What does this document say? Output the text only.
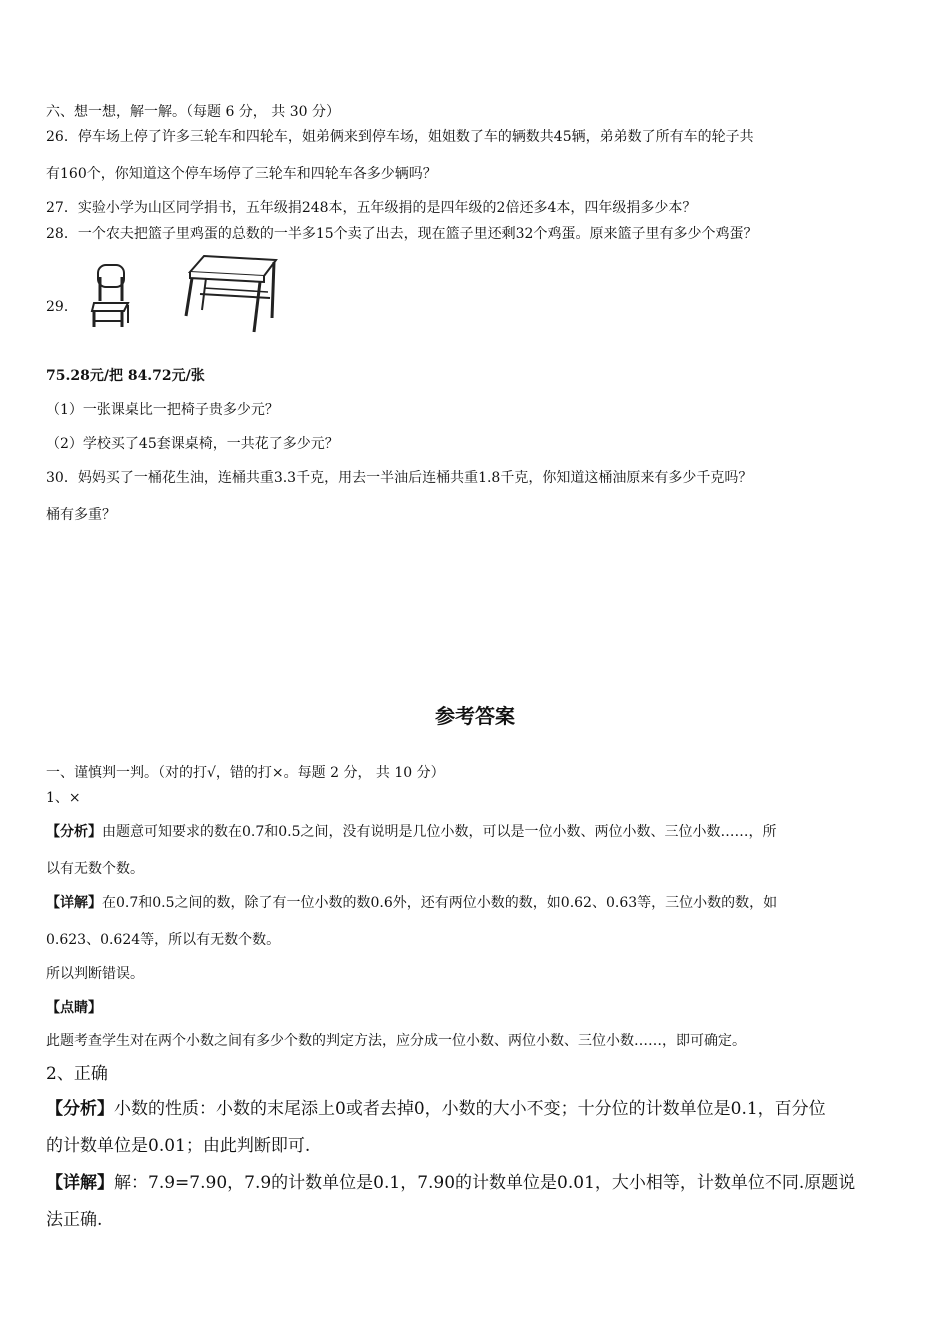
六、想一想，解一解。（每题 6 分， 共 30 分）
26．停车场上停了许多三轮车和四轮车，姐弟俩来到停车场，姐姐数了车的辆数共45辆，弟弟数了所有车的轮子共
有160个，你知道这个停车场停了三轮车和四轮车各多少辆吗？
27．实验小学为山区同学捐书，五年级捐248本，五年级捐的是四年级的2倍还多4本，四年级捐多少本？
28．一个农夫把篮子里鸡蛋的总数的一半多15个卖了出去，现在篮子里还剩32个鸡蛋。原来篮子里有多少个鸡蛋？
29．
75.28元/把 84.72元/张
（1）一张课桌比一把椅子贵多少元？
（2）学校买了45套课桌椅，一共花了多少元？
30．妈妈买了一桶花生油，连桶共重3.3千克，用去一半油后连桶共重1.8千克，你知道这桶油原来有多少千克吗？
桶有多重？
参考答案
一、谨慎判一判。（对的打√，错的打×。每题 2 分， 共 10 分）
1、×
【分析】由题意可知要求的数在0.7和0.5之间，没有说明是几位小数，可以是一位小数、两位小数、三位小数……，所
以有无数个数。
【详解】在0.7和0.5之间的数，除了有一位小数的数0.6外，还有两位小数的数，如0.62、0.63等，三位小数的数，如
0.623、0.624等，所以有无数个数。
所以判断错误。
【点睛】
此题考查学生对在两个小数之间有多少个数的判定方法，应分成一位小数、两位小数、三位小数……，即可确定。
2、正确
【分析】小数的性质：小数的末尾添上0或者去掉0，小数的大小不变；十分位的计数单位是0.1，百分位
的计数单位是0.01；由此判断即可.
【详解】解：7.9=7.90，7.9的计数单位是0.1，7.90的计数单位是0.01，大小相等，计数单位不同.原题说
法正确.
